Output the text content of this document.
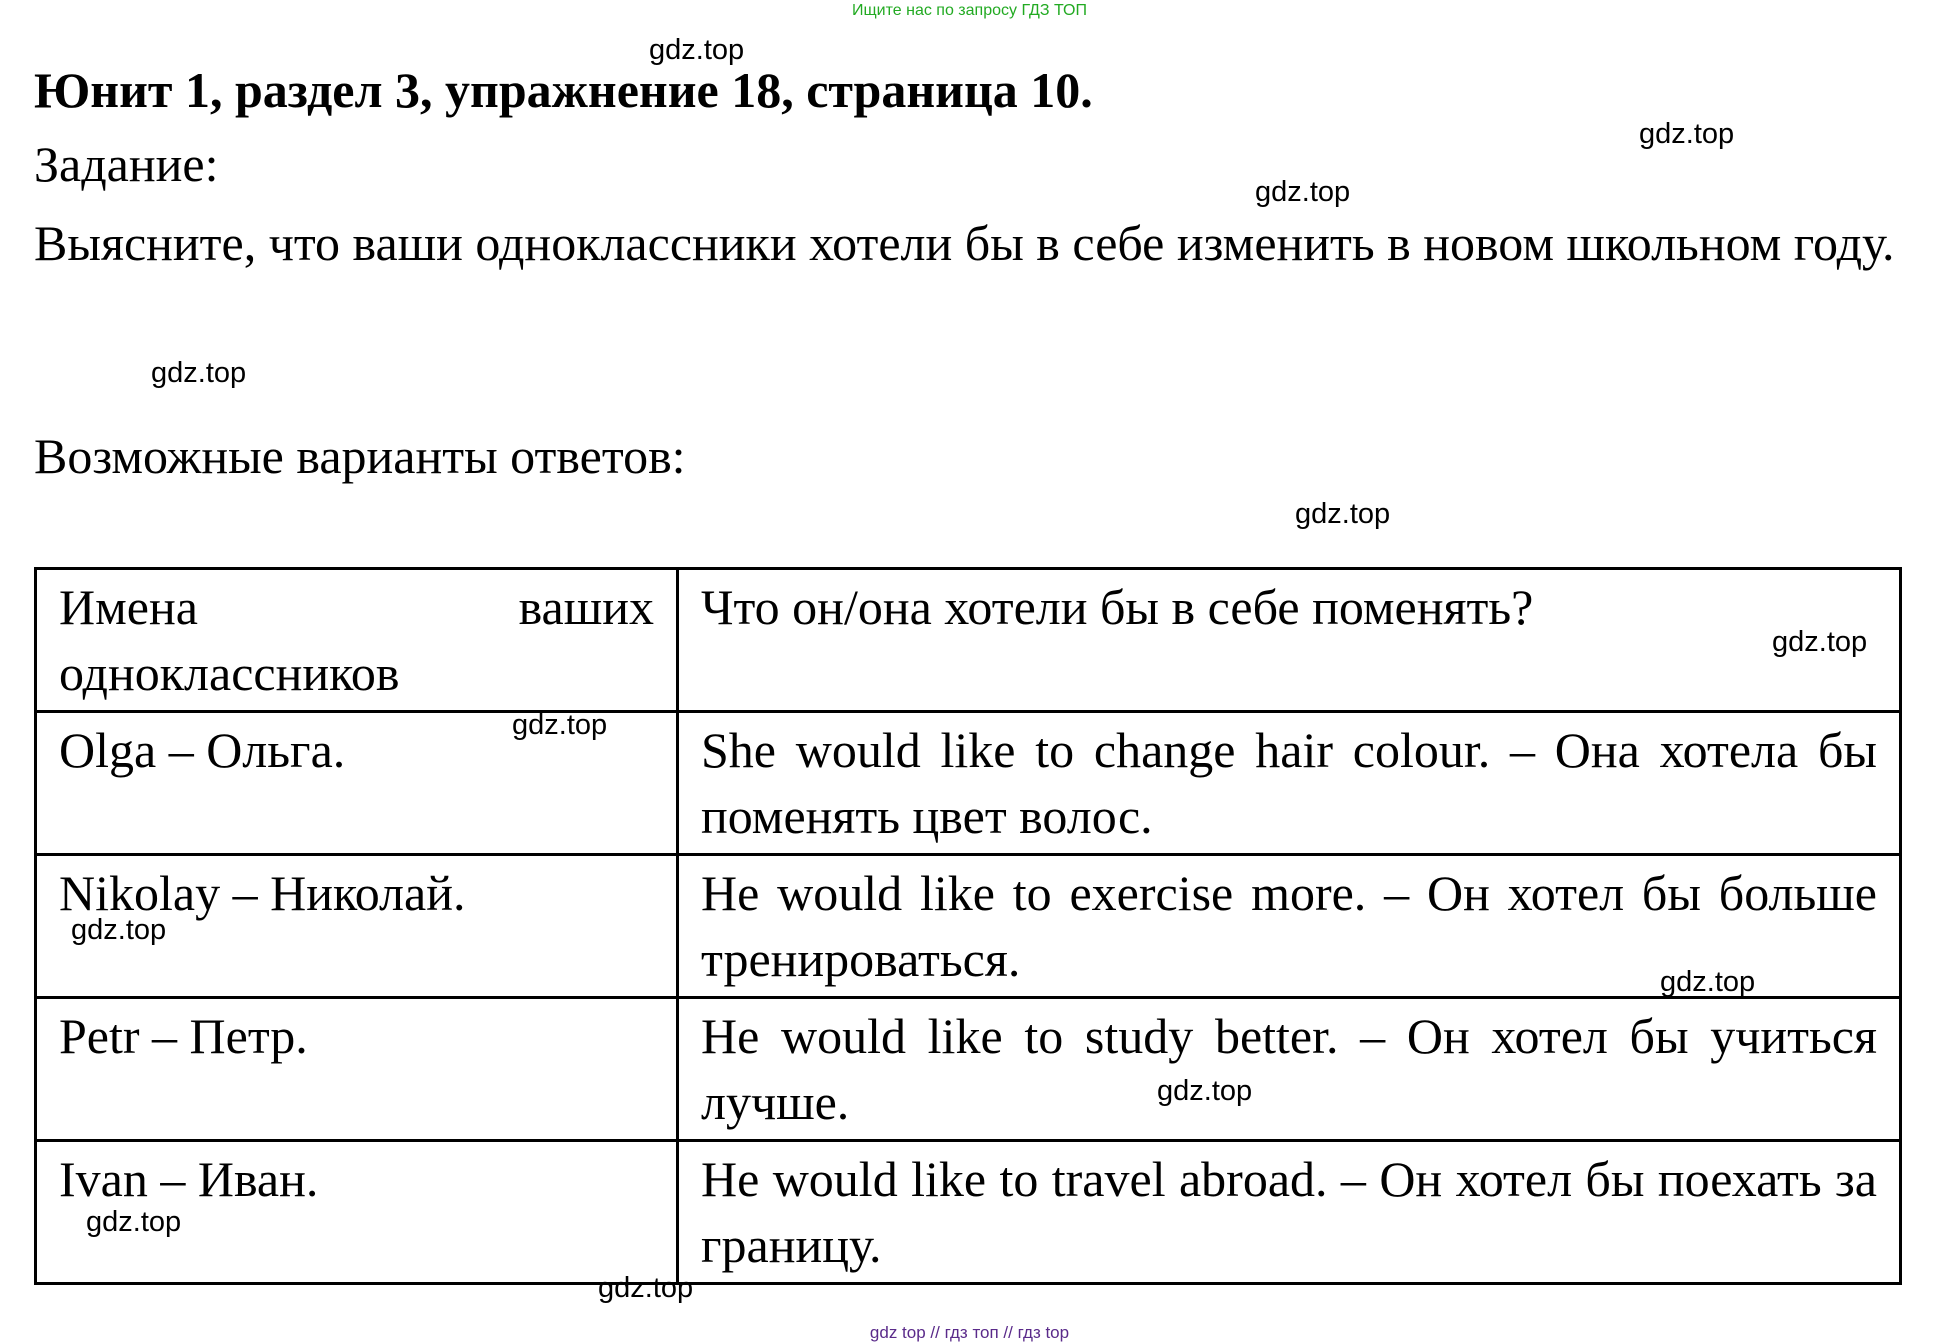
Ищите нас по запросу ГДЗ ТОП
Юнит 1, раздел 3, упражнение 18, страница 10.
Задание:
Выясните, что ваши одноклассники хотели бы в себе изменить в новом школьном году.
Возможные варианты ответов:
Имена ваших одноклассников	Что он/она хотели бы в себе поменять?
Olga – Ольга.	She would like to change hair colour. – Она хотела бы поменять цвет волос.
Nikolay – Николай.	He would like to exercise more. – Он хотел бы больше тренироваться.
Petr – Петр.	He would like to study better. – Он хотел бы учиться лучше.
Ivan – Иван.	He would like to travel abroad. – Он хотел бы поехать за границу.
gdz.top
gdz.top
gdz.top
gdz.top
gdz.top
gdz.top
gdz.top
gdz.top
gdz.top
gdz.top
gdz.top
gdz.top
gdz top // гдз топ // гдз top
